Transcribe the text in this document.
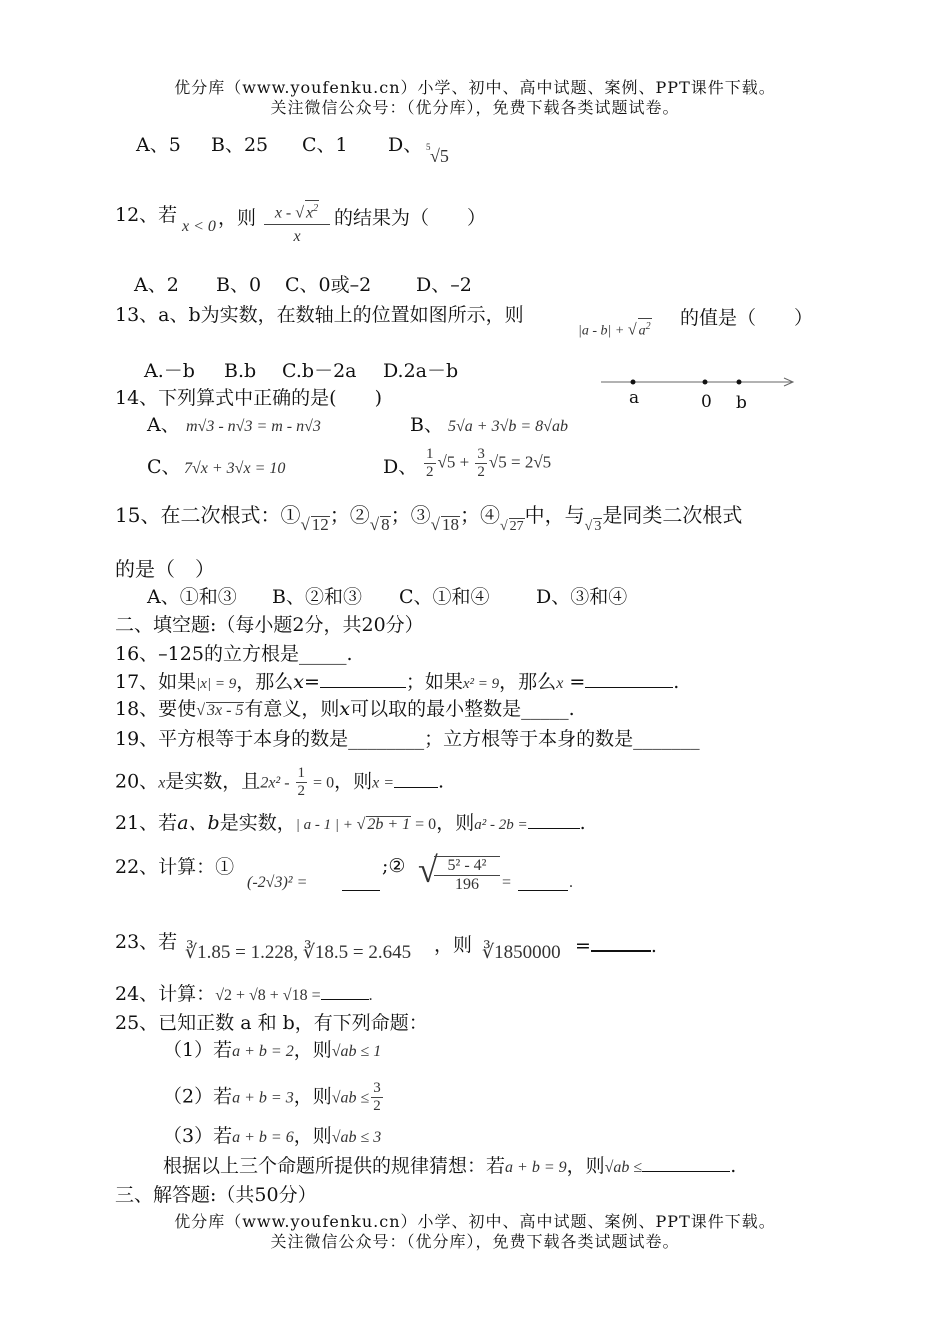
优分库（www.youfenku.cn）小学、初中、高中试题、案例、PPT课件下载。
关注微信公众号：（优分库），免费下载各类试题试卷。
A、5 B、25 C、1 D、 5 √5
12、若
x < 0 ，则 $\frac{x - √ x^2}{x}$ 的结果为（　　）
A、2 B、0 C、0或–2 D、–2
13、a、b为实数，在数轴上的位置如图所示，则
|a - b| + √ $a^2$ 的值是（　　）
A.－b B.b C.b－2a D.2a－b
a	0 b
14、下列算式中正确的是(　　)
A、 m√3 - n√3 = m - n√3	B、 5√a + 3√b = 8√ab
C、 7√x + 3√x = 10	D、 $\frac{1}{2} √5 + \frac{3}{2} √5 = 2√5$
15、在二次根式：$①_{√ 12}$；$②_{√ 8}$；$③_{√ 18}$；$④_{√ 27}$中，与$_{√ 3}$是同类二次根式
的是（　）
A、①和③ B、②和③ C、①和④ D、③和④
二、填空题:（每小题2分，共20分）
16、–125的立方根是_____.
17、如果|x| = 9，那么x=	；如果x² = 9，那么x =	.
18、要使√ 3x - 5有意义，则x可以取的最小整数是_____.
19、平方根等于本身的数是________；立方根等于本身的数是_______
20、x是实数，且$2x^2 - \frac{1}{2} = 0$，则x = .
21、若a、b是实数，| a - 1 | + √ 2b + 1 = 0，则a² - 2b =	.
22、计算：①
(-2√3)² =
;② √
$\frac{\text{5² - 4²}}{196}$ =	.
23、若 ∛1.85 = 1.228, ∛18.5 = 2.645 ，则 ∛1850000 =	.
24、计算：√2 + √8 + √18 =	.
25、已知正数 a 和 b，有下列命题：
（1）若a + b = 2，则√ab ≤ 1
（2）若a + b = 3，则$√ab \le \frac{3}{2}$
（3）若a + b = 6，则√ab ≤ 3
根据以上三个命题所提供的规律猜想：若a + b = 9，则√ab ≤	.
三、解答题:（共50分）
优分库（www.youfenku.cn）小学、初中、高中试题、案例、PPT课件下载。
关注微信公众号：（优分库），免费下载各类试题试卷。
